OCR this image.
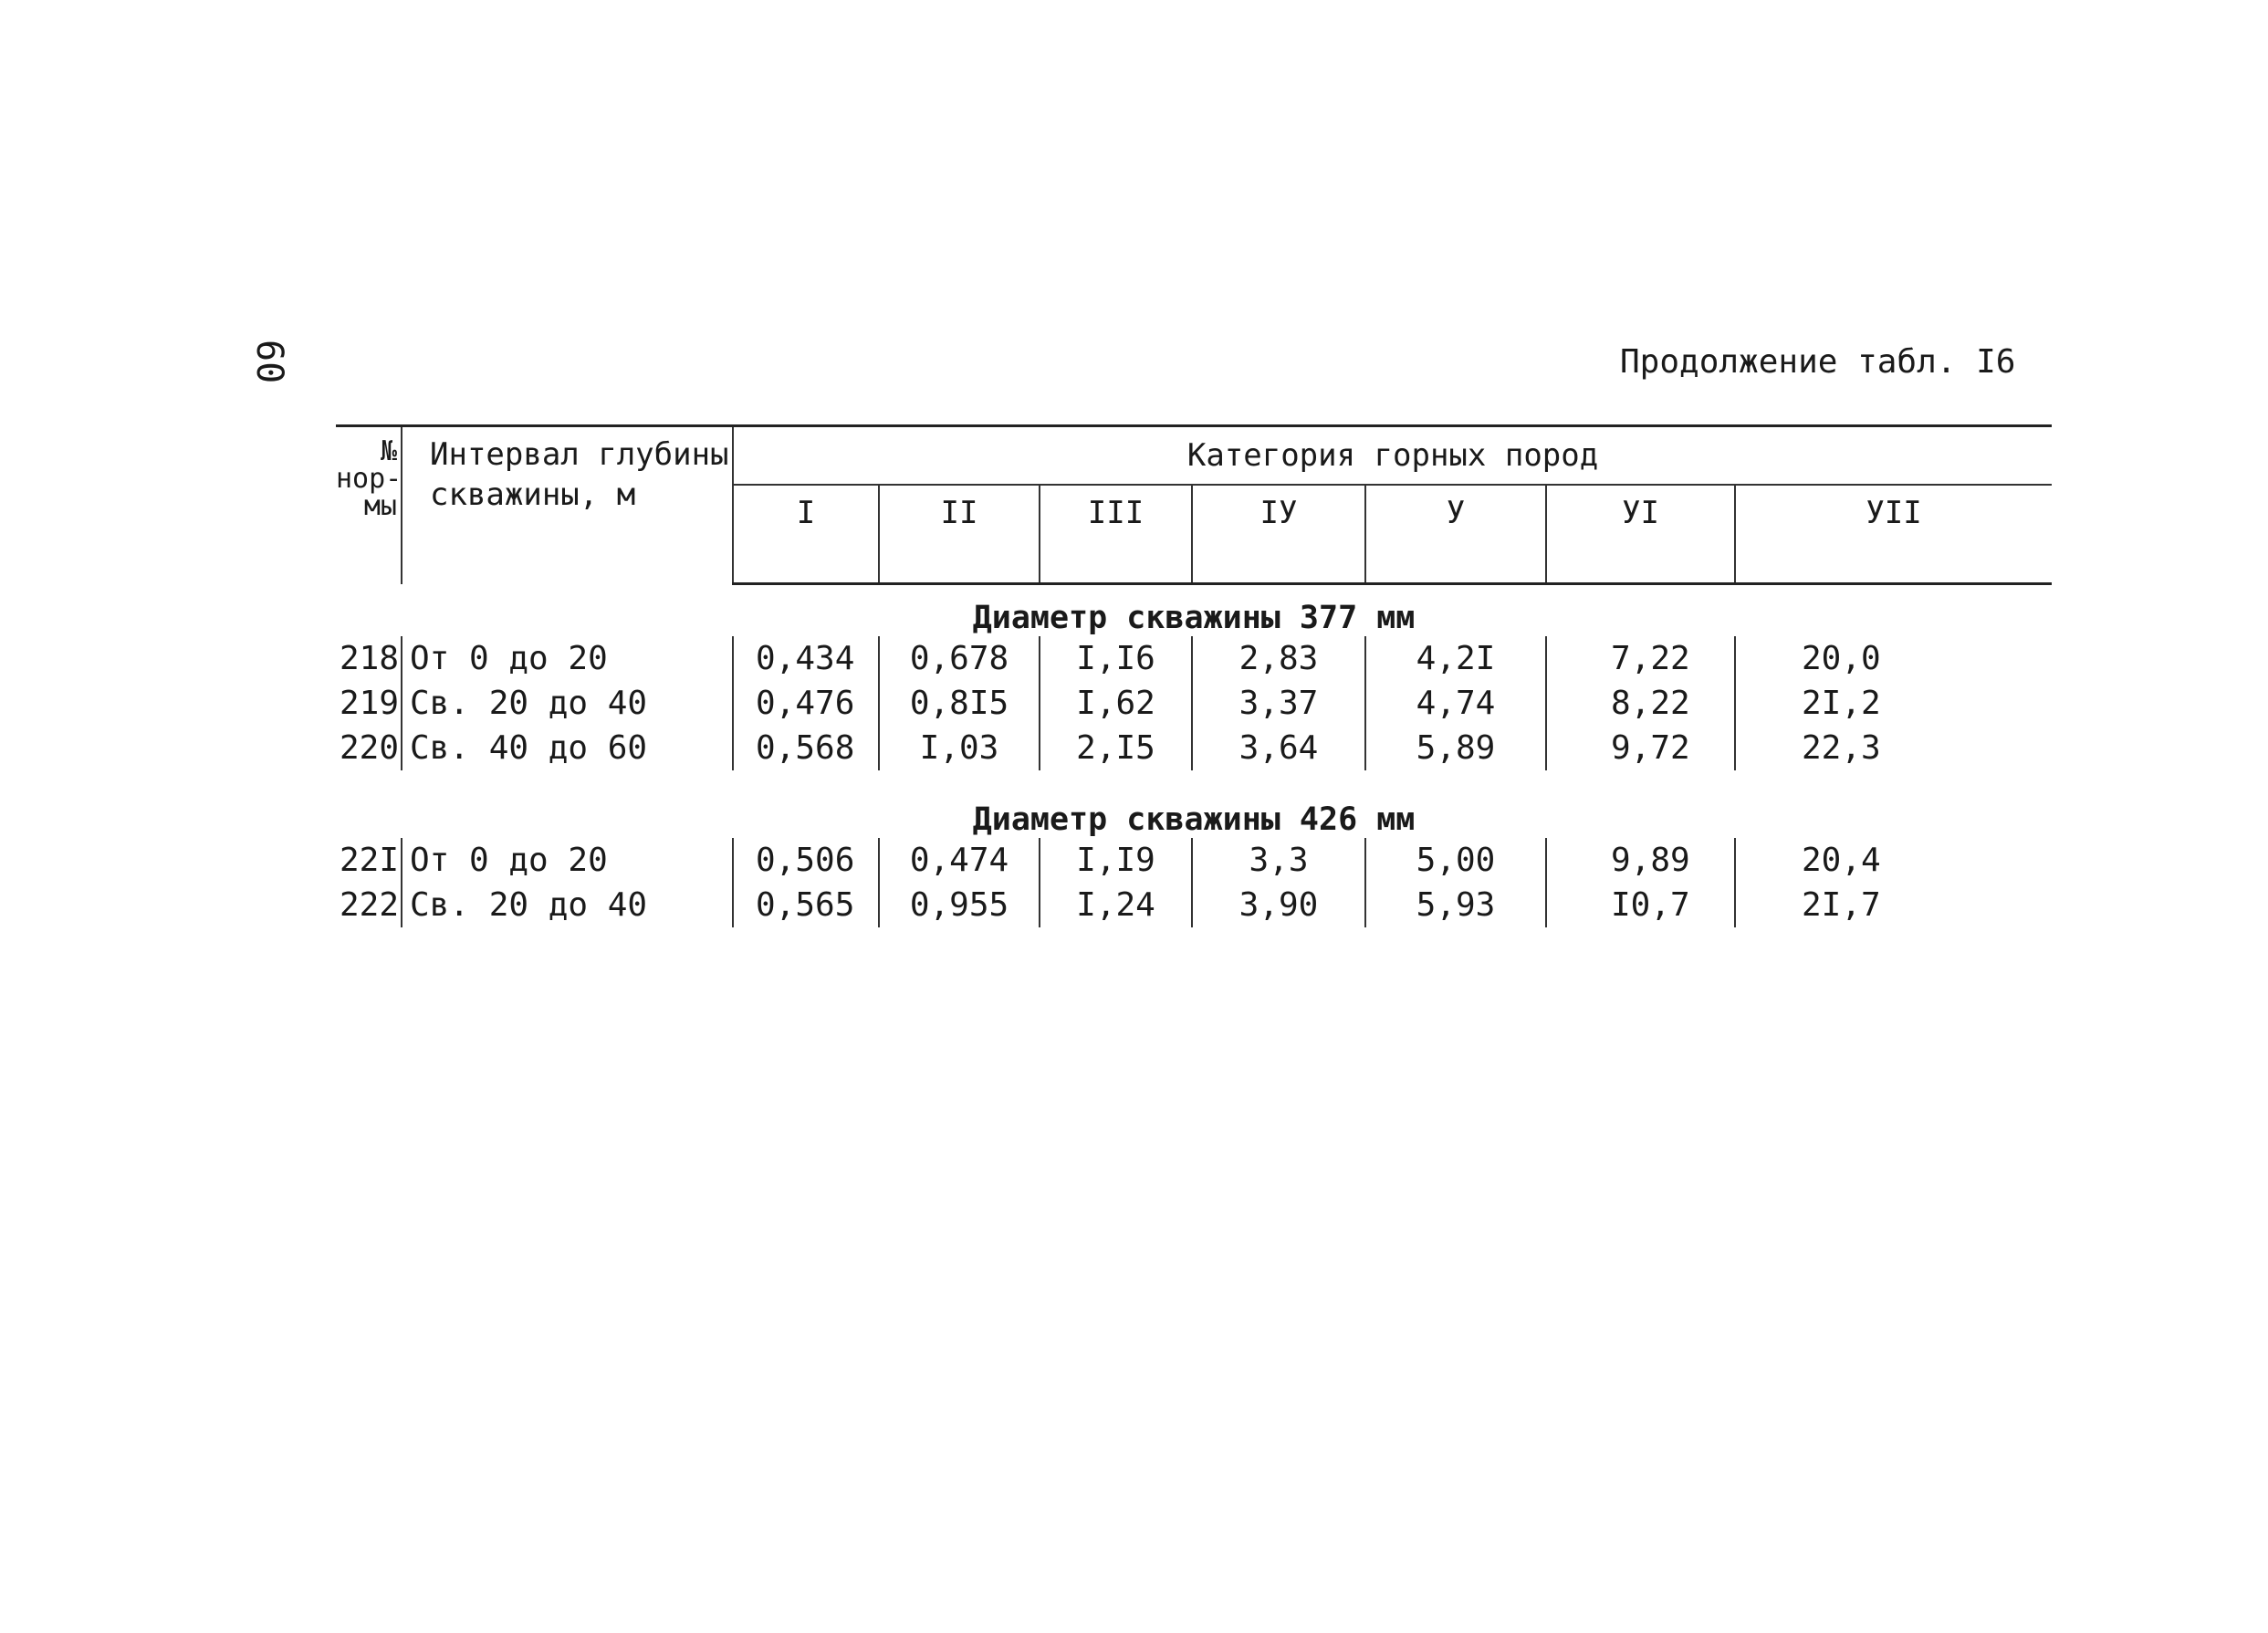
60	Продолжение табл. I6
№ нор- мы	Интервал глубины
скважины, м	Категория горных пород						
		I	II	III	IУ	У	УI	УII
Диаметр скважины 377 мм								
218	От 0 до 20	0,434	0,678	I,I6	2,83	4,2I	7,22	20,0
219	Св. 20 до 40	0,476	0,8I5	I,62	3,37	4,74	8,22	2I,2
220	Св. 40 до 60	0,568	I,03	2,I5	3,64	5,89	9,72	22,3
Диаметр скважины 426 мм								
22I	От 0 до 20	0,506	0,474	I,I9	3,3	5,00	9,89	20,4
222	Св. 20 до 40	0,565	0,955	I,24	3,90	5,93	I0,7	2I,7
